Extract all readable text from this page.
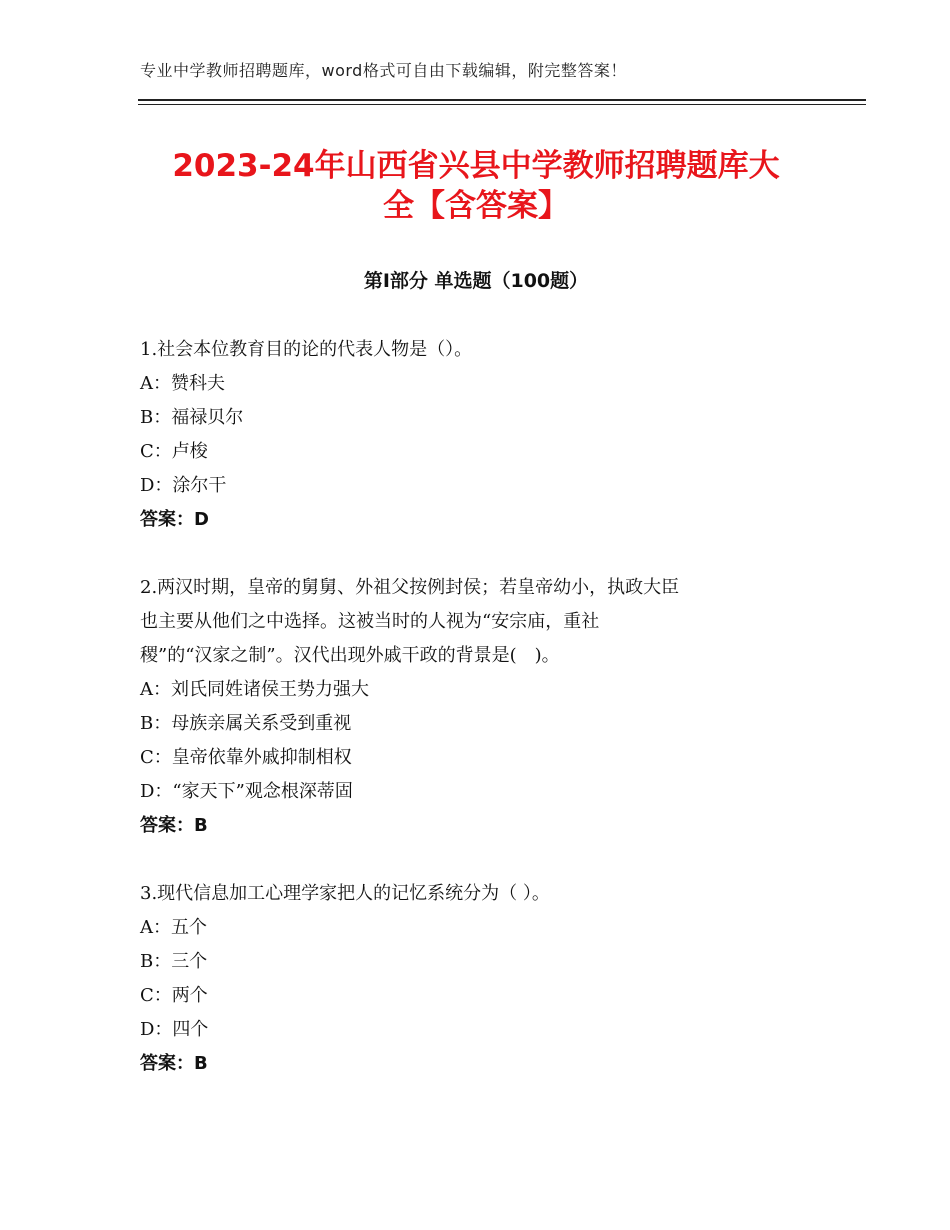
专业中学教师招聘题库，word格式可自由下载编辑，附完整答案！
2023-24年山西省兴县中学教师招聘题库大
全【含答案】
第Ⅰ部分 单选题（100题）

1.社会本位教育目的论的代表人物是（）。

A：赞科夫

B：福禄贝尔

C：卢梭

D：涂尔干

答案：D

2.两汉时期，皇帝的舅舅、外祖父按例封侯；若皇帝幼小，执政大臣

也主要从他们之中选择。这被当时的人视为“安宗庙，重社

稷”的“汉家之制”。汉代出现外戚干政的背景是(　)。

A：刘氏同姓诸侯王势力强大

B：母族亲属关系受到重视

C：皇帝依靠外戚抑制相权

D：“家天下”观念根深蒂固

答案：B

3.现代信息加工心理学家把人的记忆系统分为（ ）。

A：五个

B：三个

C：两个

D：四个

答案：B
